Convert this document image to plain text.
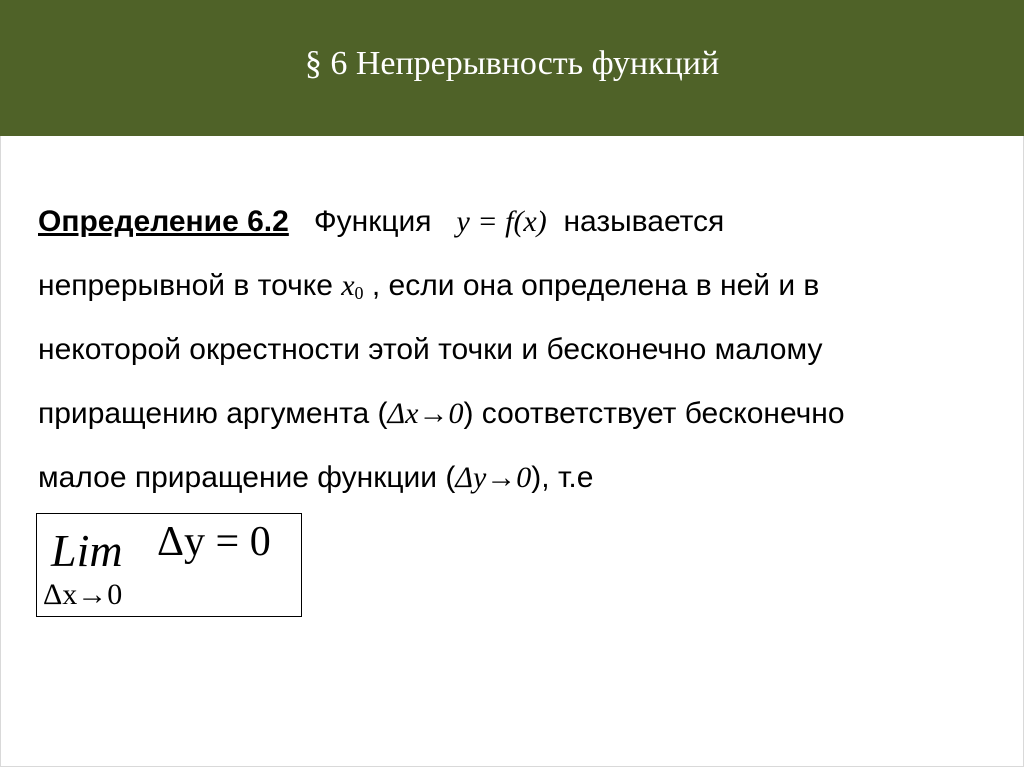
§ 6 Непрерывность функций
Определение 6.2 Функция y = f(x) называется
непрерывной в точке $x_0$ , если она определена в ней и в
некоторой окрестности этой точки и бесконечно малому
приращению аргумента (Δx→0) соответствует бесконечно
малое приращение функции (Δy→0), т.е
Lim Δy = 0
Δx→0
